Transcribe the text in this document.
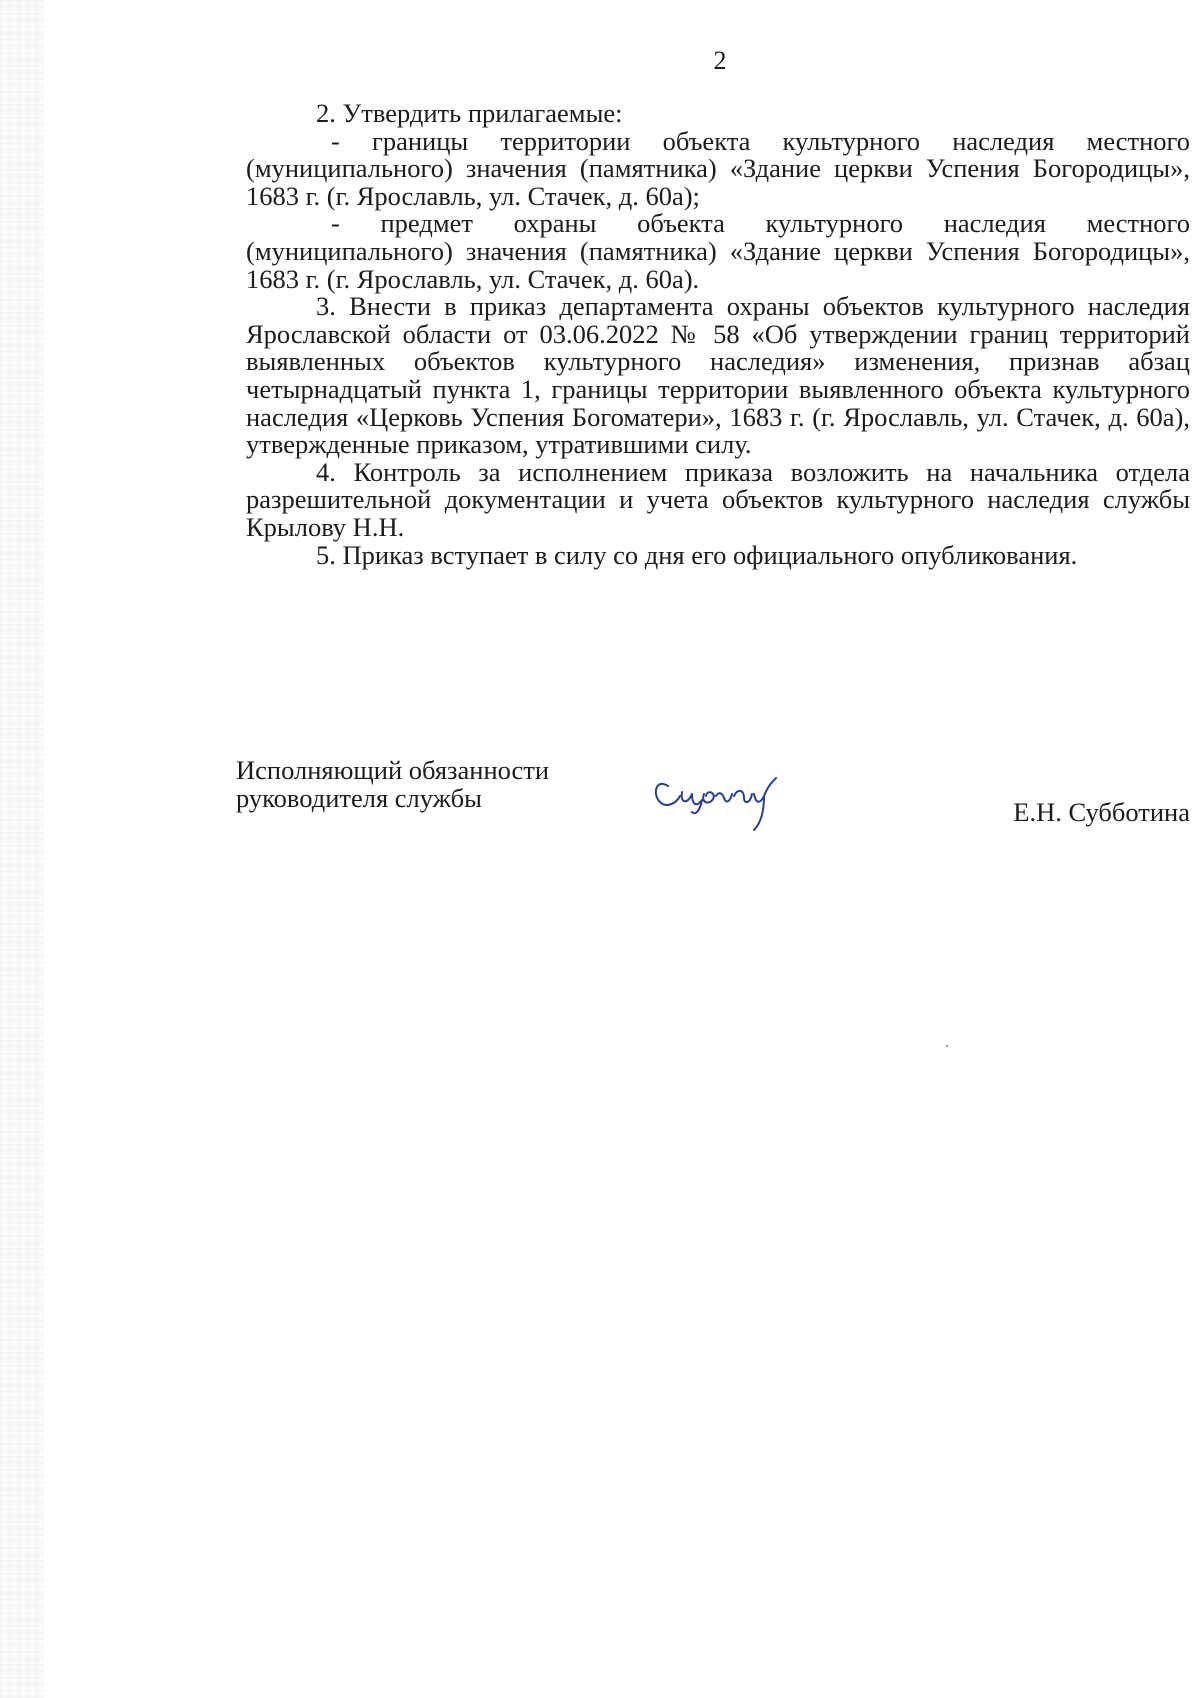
2

2. Утвердить прилагаемые:

- границы территории объекта культурного наследия местного (муниципального) значения (памятника) «Здание церкви Успения Богородицы», 1683 г. (г. Ярославль, ул. Стачек, д. 60а);

- предмет охраны объекта культурного наследия местного (муниципального) значения (памятника) «Здание церкви Успения Богородицы», 1683 г. (г. Ярославль, ул. Стачек, д. 60а).

3. Внести в приказ департамента охраны объектов культурного наследия Ярославской области от 03.06.2022 № 58 «Об утверждении границ территорий выявленных объектов культурного наследия» изменения, признав абзац четырнадцатый пункта 1, границы территории выявленного объекта культурного наследия «Церковь Успения Богоматери», 1683 г. (г. Ярославль, ул. Стачек, д. 60а), утвержденные приказом, утратившими силу.

4. Контроль за исполнением приказа возложить на начальника отдела разрешительной документации и учета объектов культурного наследия службы Крылову Н.Н.

5. Приказ вступает в силу со дня его официального опубликования.

Исполняющий обязанности
руководителя службы	Е.Н. Субботина
